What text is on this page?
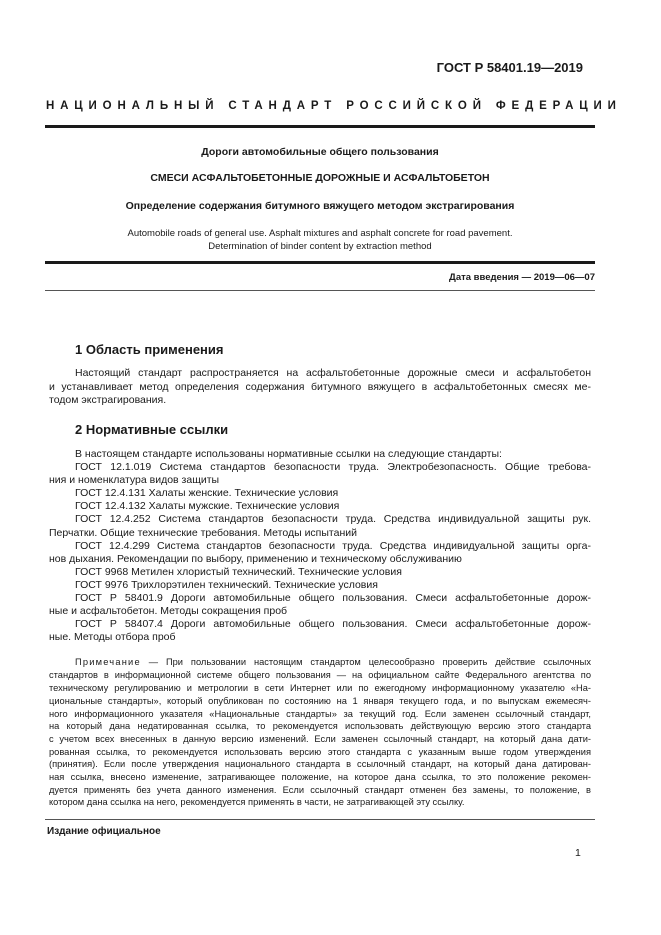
ГОСТ Р 58401.19—2019
НАЦИОНАЛЬНЫЙ СТАНДАРТ РОССИЙСКОЙ ФЕДЕРАЦИИ
Дороги автомобильные общего пользования
СМЕСИ АСФАЛЬТОБЕТОННЫЕ ДОРОЖНЫЕ И АСФАЛЬТОБЕТОН
Определение содержания битумного вяжущего методом экстрагирования
Automobile roads of general use. Asphalt mixtures and asphalt concrete for road pavement.
Determination of binder content by extraction method
Дата введения — 2019—06—07
1 Область применения
Настоящий стандарт распространяется на асфальтобетонные дорожные смеси и асфальтобетон
и устанавливает метод определения содержания битумного вяжущего в асфальтобетонных смесях ме-
тодом экстрагирования.
2 Нормативные ссылки
В настоящем стандарте использованы нормативные ссылки на следующие стандарты:
ГОСТ 12.1.019 Система стандартов безопасности труда. Электробезопасность. Общие требова-
ния и номенклатура видов защиты
ГОСТ 12.4.131 Халаты женские. Технические условия
ГОСТ 12.4.132 Халаты мужские. Технические условия
ГОСТ 12.4.252 Система стандартов безопасности труда. Средства индивидуальной защиты рук.
Перчатки. Общие технические требования. Методы испытаний
ГОСТ 12.4.299 Система стандартов безопасности труда. Средства индивидуальной защиты орга-
нов дыхания. Рекомендации по выбору, применению и техническому обслуживанию
ГОСТ 9968 Метилен хлористый технический. Технические условия
ГОСТ 9976 Трихлорэтилен технический. Технические условия
ГОСТ Р 58401.9 Дороги автомобильные общего пользования. Смеси асфальтобетонные дорож-
ные и асфальтобетон. Методы сокращения проб
ГОСТ Р 58407.4 Дороги автомобильные общего пользования. Смеси асфальтобетонные дорож-
ные. Методы отбора проб
Примечание — При пользовании настоящим стандартом целесообразно проверить действие ссылочных
стандартов в информационной системе общего пользования — на официальном сайте Федерального агентства по
техническому регулированию и метрологии в сети Интернет или по ежегодному информационному указателю «На-
циональные стандарты», который опубликован по состоянию на 1 января текущего года, и по выпускам ежемесяч-
ного информационного указателя «Национальные стандарты» за текущий год. Если заменен ссылочный стандарт,
на который дана недатированная ссылка, то рекомендуется использовать действующую версию этого стандарта
с учетом всех внесенных в данную версию изменений. Если заменен ссылочный стандарт, на который дана дати-
рованная ссылка, то рекомендуется использовать версию этого стандарта с указанным выше годом утверждения
(принятия). Если после утверждения национального стандарта в ссылочный стандарт, на который дана датирован-
ная ссылка, внесено изменение, затрагивающее положение, на которое дана ссылка, то это положение рекомен-
дуется применять без учета данного изменения. Если ссылочный стандарт отменен без замены, то положение, в
котором дана ссылка на него, рекомендуется применять в части, не затрагивающей эту ссылку.
Издание официальное
1
